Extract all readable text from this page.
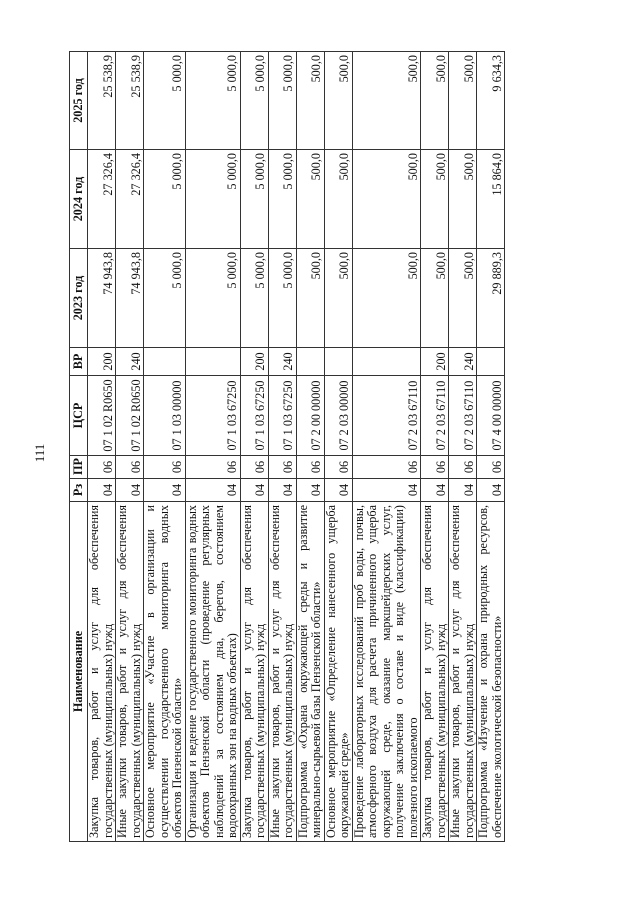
111
Наименование	Рз	ПР	ЦСР	ВР	2023 год	2024 год	2025 год
Закупка товаров, работ и услуг для обеспечения государственных (муниципальных) нужд	04	06	07 1 02 R0650	200	74 943,8	27 326,4	25 538,9
Иные закупки товаров, работ и услуг для обеспечения государственных (муниципальных) нужд	04	06	07 1 02 R0650	240	74 943,8	27 326,4	25 538,9
Основное мероприятие «Участие в организации и осуществлении государственного мониторинга водных объектов Пензенской области»	04	06	07 1 03 00000		5 000,0	5 000,0	5 000,0
Организация и ведение государственного мониторинга водных объектов Пензенской области (проведение регулярных наблюдений за состоянием дна, берегов, состоянием водоохранных зон на водных объектах)	04	06	07 1 03 67250		5 000,0	5 000,0	5 000,0
Закупка товаров, работ и услуг для обеспечения государственных (муниципальных) нужд	04	06	07 1 03 67250	200	5 000,0	5 000,0	5 000,0
Иные закупки товаров, работ и услуг для обеспечения государственных (муниципальных) нужд	04	06	07 1 03 67250	240	5 000,0	5 000,0	5 000,0
Подпрограмма «Охрана окружающей среды и развитие минерально-сырьевой базы Пензенской области»	04	06	07 2 00 00000		500,0	500,0	500,0
Основное мероприятие «Определение нанесенного ущерба окружающей среде»	04	06	07 2 03 00000		500,0	500,0	500,0
Проведение лабораторных исследований проб воды, почвы, атмосферного воздуха для расчета причиненного ущерба окружающей среде, оказание маркшейдерских услуг, получение заключения о составе и виде (классификации) полезного ископаемого	04	06	07 2 03 67110		500,0	500,0	500,0
Закупка товаров, работ и услуг для обеспечения государственных (муниципальных) нужд	04	06	07 2 03 67110	200	500,0	500,0	500,0
Иные закупки товаров, работ и услуг для обеспечения государственных (муниципальных) нужд	04	06	07 2 03 67110	240	500,0	500,0	500,0
Подпрограмма «Изучение и охрана природных ресурсов, обеспечение экологической безопасности»	04	06	07 4 00 00000		29 889,3	15 864,0	9 634,3
